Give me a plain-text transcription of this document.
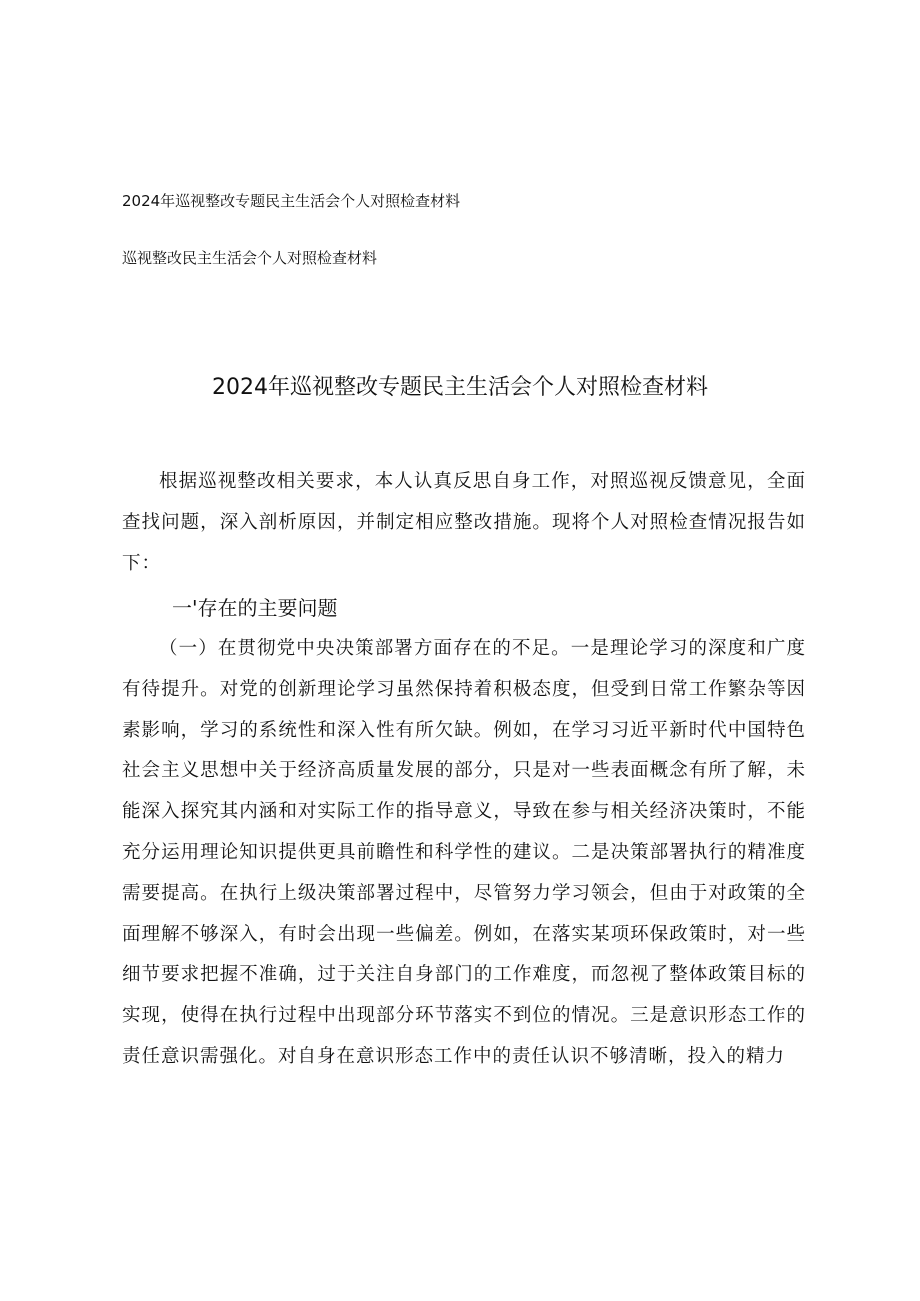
2024年巡视整改专题民主生活会个人对照检查材料
巡视整改民主生活会个人对照检查材料
2024年巡视整改专题民主生活会个人对照检查材料

根据巡视整改相关要求，本人认真反思自身工作，对照巡视反馈意见，全面查找问题，深入剖析原因，并制定相应整改措施。现将个人对照检查情况报告如下：

一'存在的主要问题

（一）在贯彻党中央决策部署方面存在的不足。一是理论学习的深度和广度有待提升。对党的创新理论学习虽然保持着积极态度，但受到日常工作繁杂等因素影响，学习的系统性和深入性有所欠缺。例如，在学习习近平新时代中国特色社会主义思想中关于经济高质量发展的部分，只是对一些表面概念有所了解，未能深入探究其内涵和对实际工作的指导意义，导致在参与相关经济决策时，不能充分运用理论知识提供更具前瞻性和科学性的建议。二是决策部署执行的精准度需要提高。在执行上级决策部署过程中，尽管努力学习领会，但由于对政策的全面理解不够深入，有时会出现一些偏差。例如，在落实某项环保政策时，对一些细节要求把握不准确，过于关注自身部门的工作难度，而忽视了整体政策目标的实现，使得在执行过程中出现部分环节落实不到位的情况。三是意识形态工作的责任意识需强化。对自身在意识形态工作中的责任认识不够清晰，投入的精力
